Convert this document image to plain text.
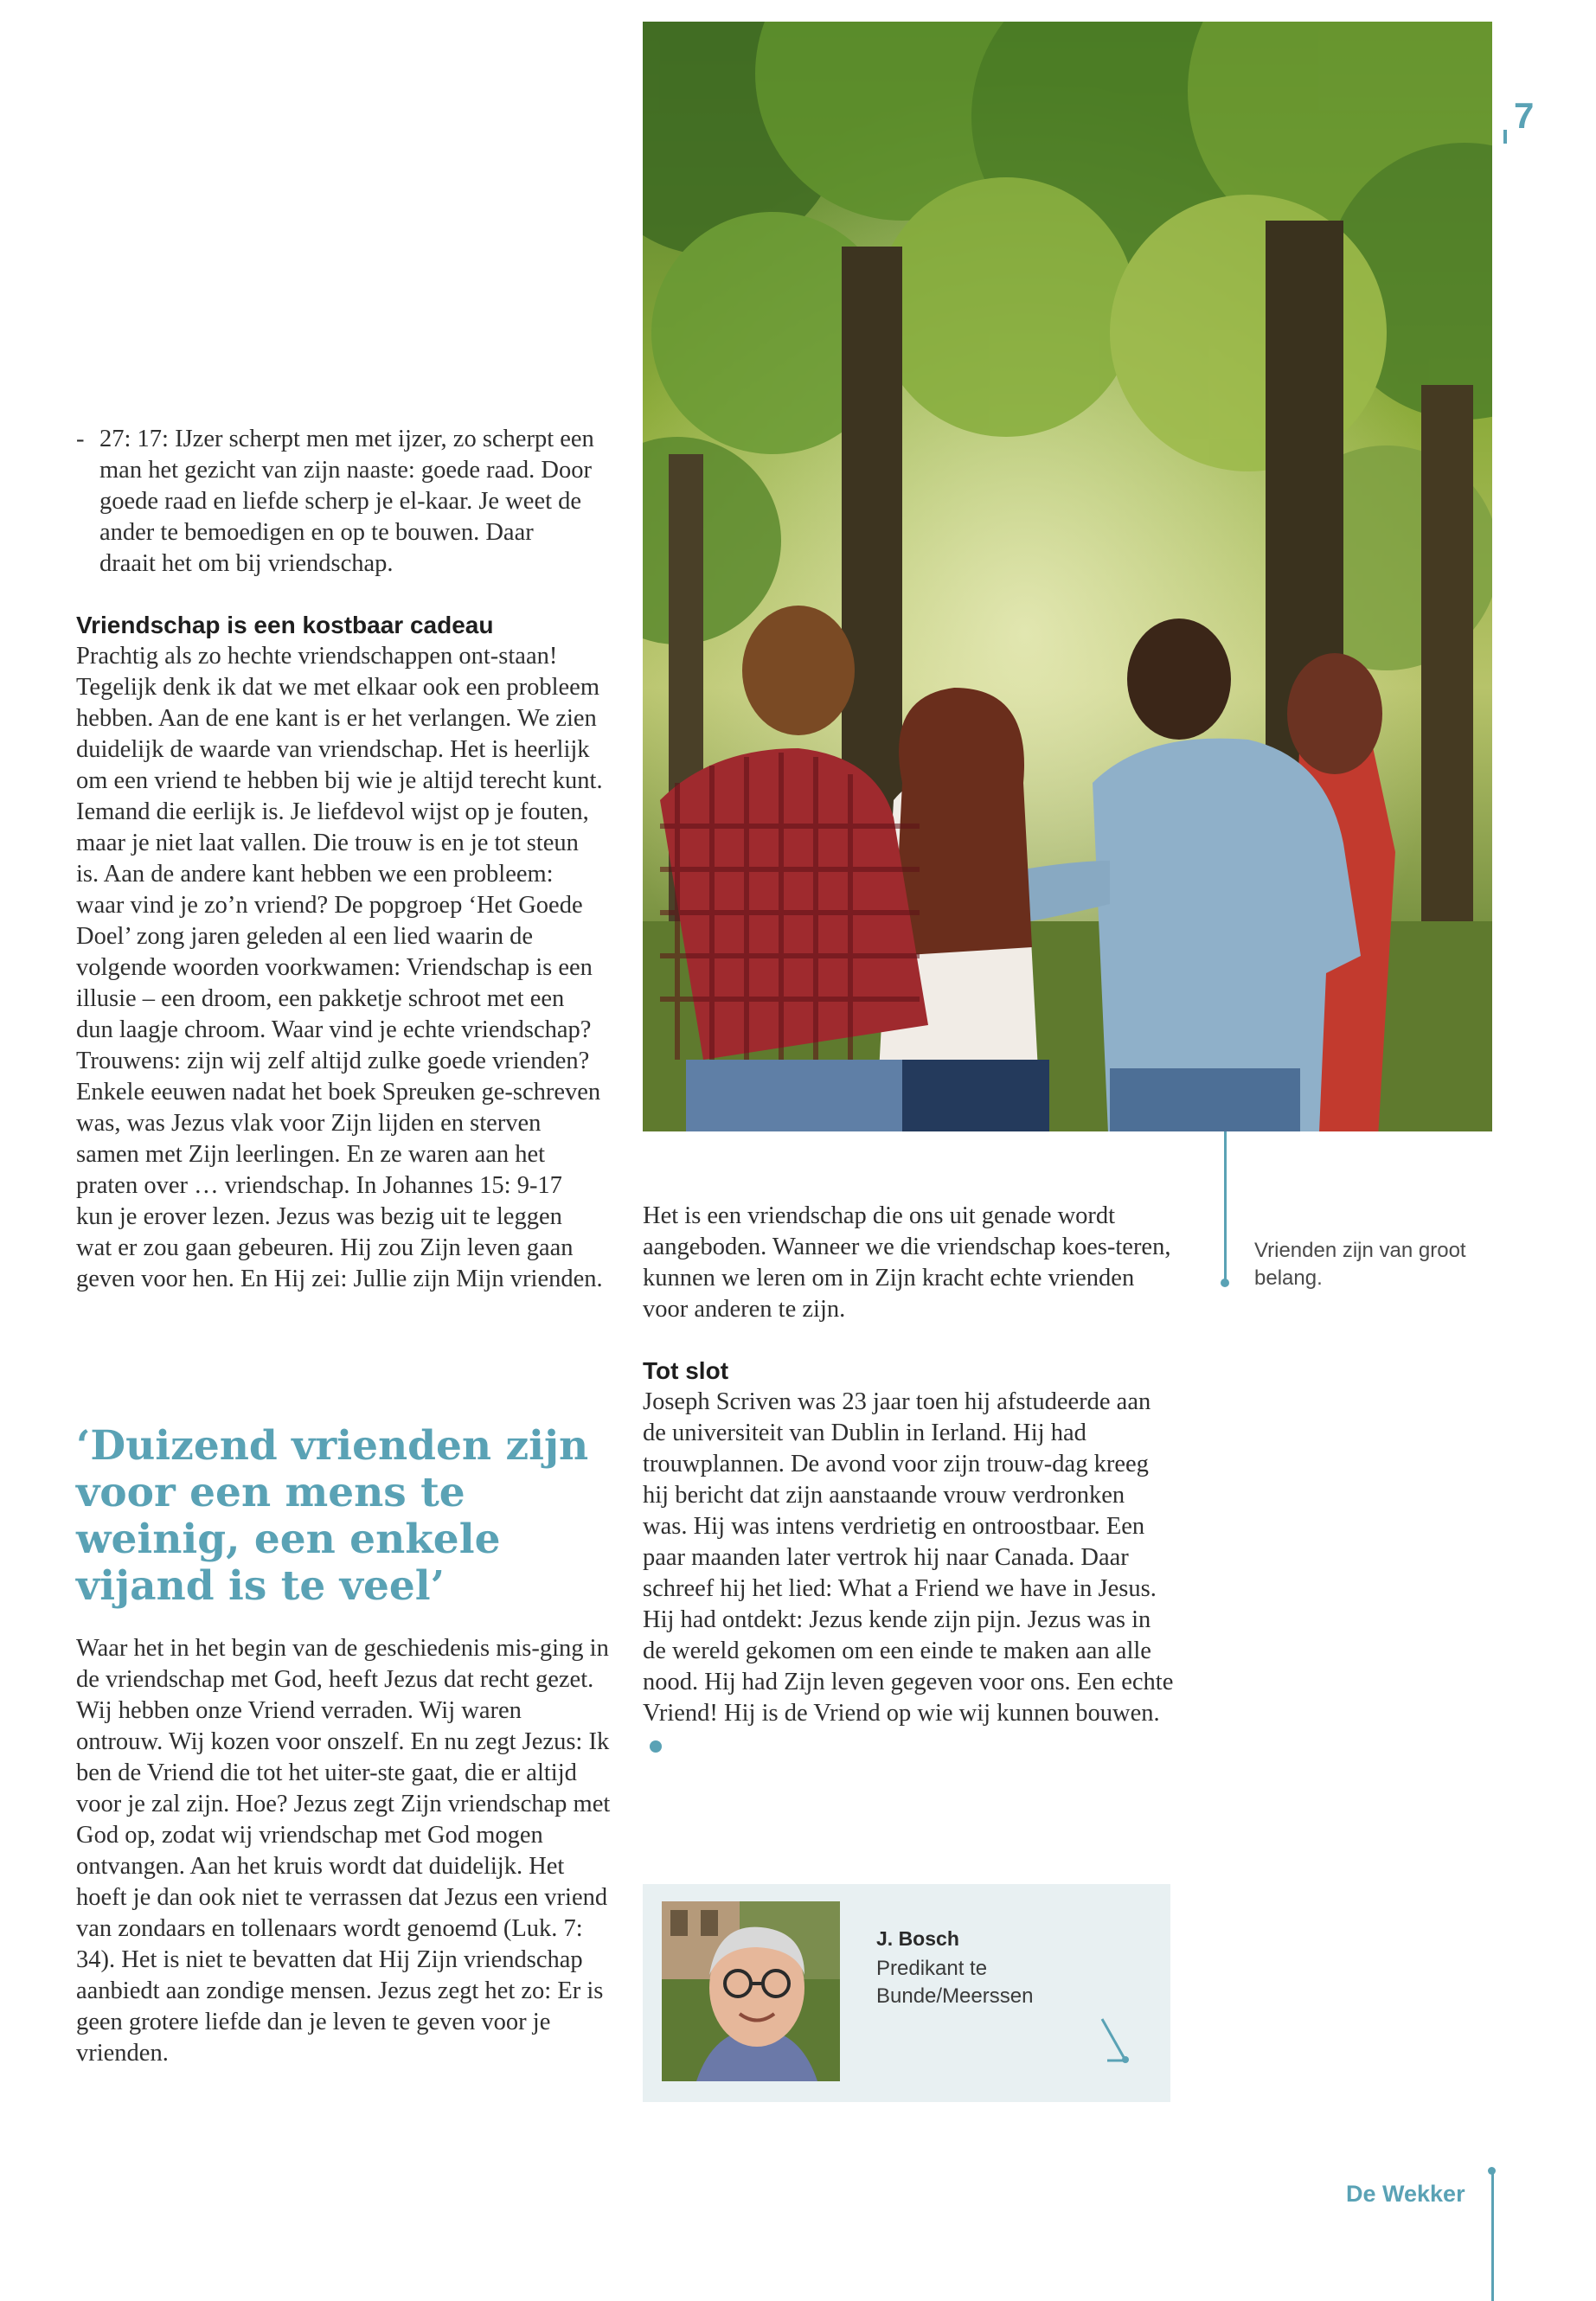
7
Vrienden zijn van groot belang.
- 27: 17: IJzer scherpt men met ijzer, zo scherpt een man het gezicht van zijn naaste: goede raad. Door goede raad en liefde scherp je el-kaar. Je weet de ander te bemoedigen en op te bouwen. Daar draait het om bij vriendschap.

Vriendschap is een kostbaar cadeau

Prachtig als zo hechte vriendschappen ont-staan! Tegelijk denk ik dat we met elkaar ook een probleem hebben. Aan de ene kant is er het verlangen. We zien duidelijk de waarde van vriendschap. Het is heerlijk om een vriend te hebben bij wie je altijd terecht kunt. Iemand die eerlijk is. Je liefdevol wijst op je fouten, maar je niet laat vallen. Die trouw is en je tot steun is. Aan de andere kant hebben we een probleem: waar vind je zo’n vriend? De popgroep ‘Het Goede Doel’ zong jaren geleden al een lied waarin de volgende woorden voorkwamen: Vriendschap is een illusie – een droom, een pakketje schroot met een dun laagje chroom. Waar vind je echte vriendschap? Trouwens: zijn wij zelf altijd zulke goede vrienden? Enkele eeuwen nadat het boek Spreuken ge-schreven was, was Jezus vlak voor Zijn lijden en sterven samen met Zijn leerlingen. En ze waren aan het praten over … vriendschap. In Johannes 15: 9-17 kun je erover lezen. Jezus was bezig uit te leggen wat er zou gaan gebeuren. Hij zou Zijn leven gaan geven voor hen. En Hij zei: Jullie zijn Mijn vrienden.

‘Duizend vrienden zijn voor een mens te weinig, een enkele vijand is te veel’

Waar het in het begin van de geschiedenis mis-ging in de vriendschap met God, heeft Jezus dat recht gezet. Wij hebben onze Vriend verraden. Wij waren ontrouw. Wij kozen voor onszelf. En nu zegt Jezus: Ik ben de Vriend die tot het uiter-ste gaat, die er altijd voor je zal zijn. Hoe? Jezus zegt Zijn vriendschap met God op, zodat wij vriendschap met God mogen ontvangen. Aan het kruis wordt dat duidelijk. Het hoeft je dan ook niet te verrassen dat Jezus een vriend van zondaars en tollenaars wordt genoemd (Luk. 7: 34). Het is niet te bevatten dat Hij Zijn vriendschap aanbiedt aan zondige mensen. Jezus zegt het zo: Er is geen grotere liefde dan je leven te geven voor je vrienden.

Het is een vriendschap die ons uit genade wordt aangeboden. Wanneer we die vriendschap koes-teren, kunnen we leren om in Zijn kracht echte vrienden voor anderen te zijn.

Tot slot

Joseph Scriven was 23 jaar toen hij afstudeerde aan de universiteit van Dublin in Ierland. Hij had trouwplannen. De avond voor zijn trouw-dag kreeg hij bericht dat zijn aanstaande vrouw verdronken was. Hij was intens verdrietig en ontroostbaar. Een paar maanden later vertrok hij naar Canada. Daar schreef hij het lied: What a Friend we have in Jesus. Hij had ontdekt: Jezus kende zijn pijn. Jezus was in de wereld gekomen om een einde te maken aan alle nood. Hij had Zijn leven gegeven voor ons. Een echte Vriend! Hij is de Vriend op wie wij kunnen bouwen.

J. Bosch
Predikant te Bunde/Meerssen
De Wekker
